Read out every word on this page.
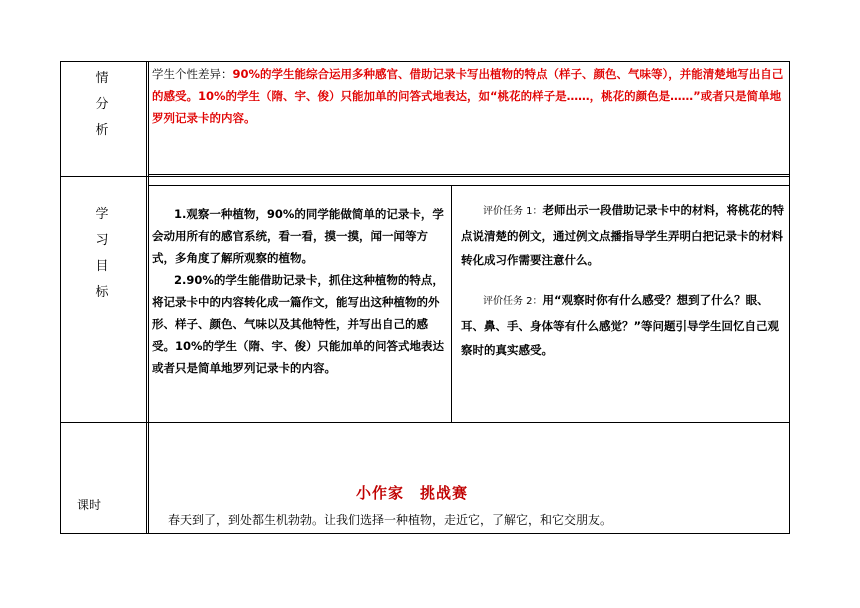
情
分
析
学生个性差异：90%的学生能综合运用多种感官、借助记录卡写出植物的特点（样子、颜色、气味等），并能清楚地写出自己的感受。10%的学生（隋、宇、俊）只能加单的问答式地表达，如“桃花的样子是……，桃花的颜色是……”或者只是简单地罗列记录卡的内容。
学
习
目
标

1.观察一种植物，90%的同学能做简单的记录卡，学会动用所有的感官系统，看一看，摸一摸，闻一闻等方式，多角度了解所观察的植物。

2.90%的学生能借助记录卡，抓住这种植物的特点，将记录卡中的内容转化成一篇作文，能写出这种植物的外形、样子、颜色、气味以及其他特性，并写出自己的感受。10%的学生（隋、宇、俊）只能加单的问答式地表达或者只是简单地罗列记录卡的内容。

评价任务 1：老师出示一段借助记录卡中的材料，将桃花的特点说清楚的例文，通过例文点播指导学生弄明白把记录卡的材料转化成习作需要注意什么。

评价任务 2：用“观察时你有什么感受？想到了什么？眼、耳、鼻、手、身体等有什么感觉？”等问题引导学生回忆自己观察时的真实感受。

课时
小作家　挑战赛
春天到了，到处都生机勃勃。让我们选择一种植物，走近它，了解它，和它交朋友。
